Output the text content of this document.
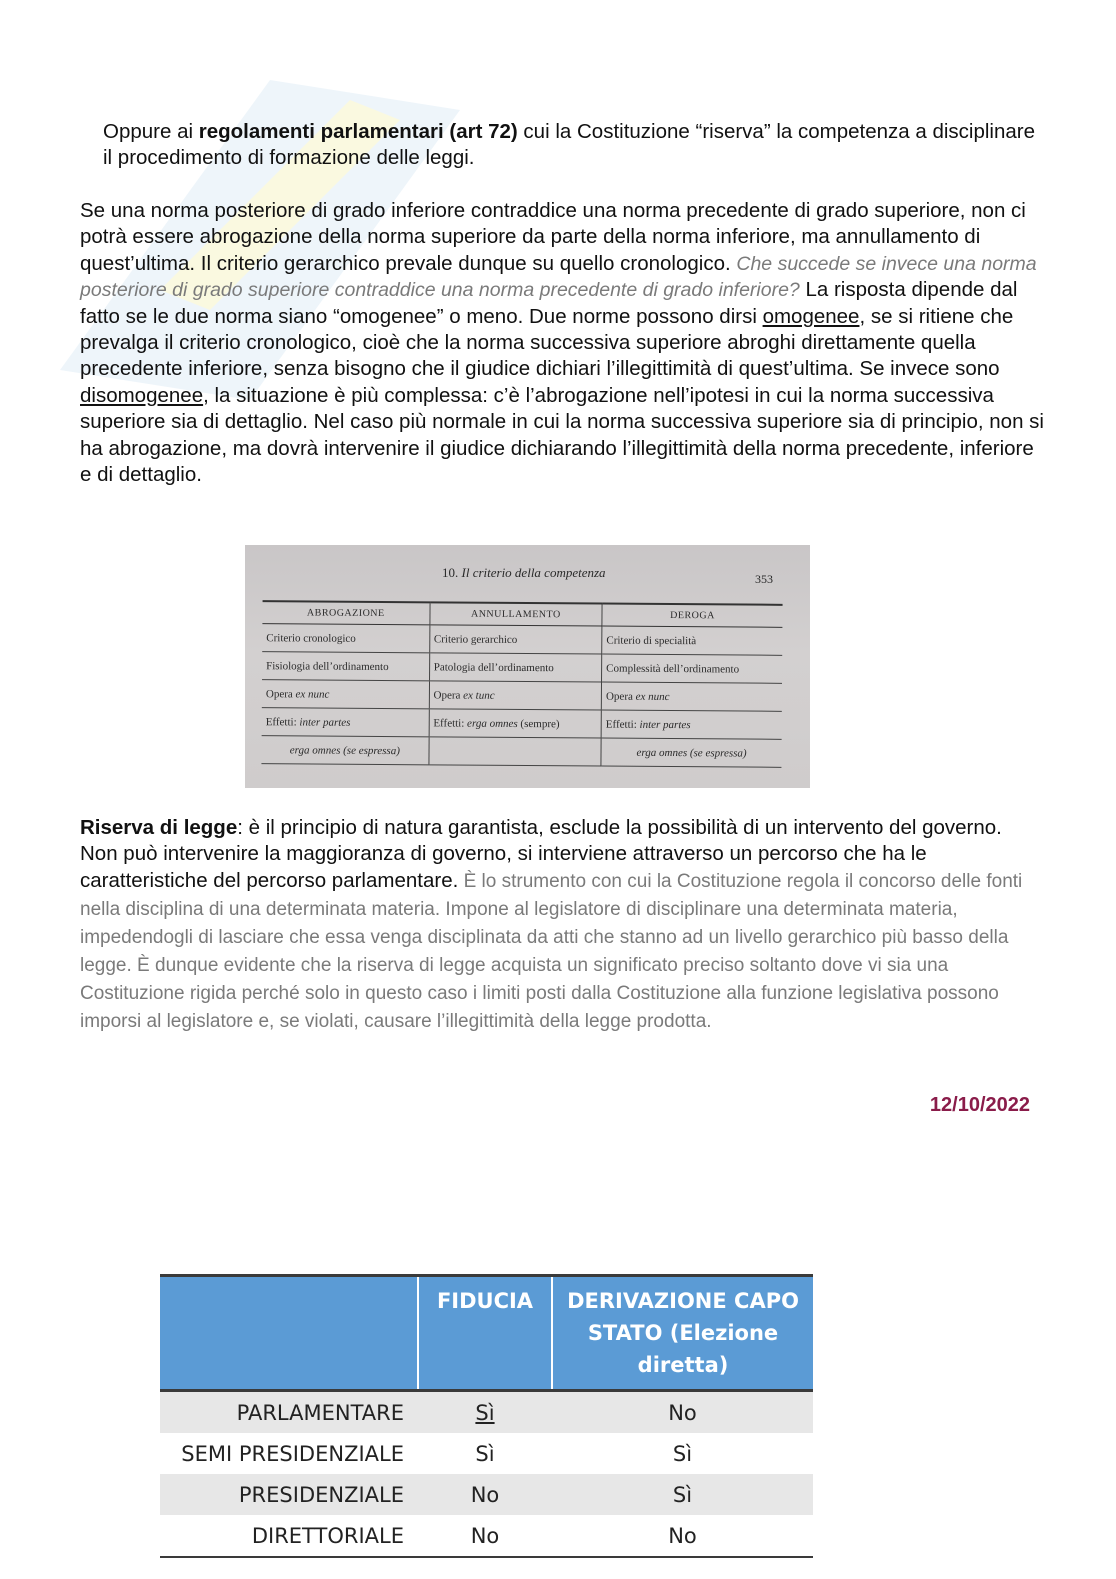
Oppure ai regolamenti parlamentari (art 72) cui la Costituzione “riserva” la competenza a disciplinare il procedimento di formazione delle leggi.
Se una norma posteriore di grado inferiore contraddice una norma precedente di grado superiore, non ci potrà essere abrogazione della norma superiore da parte della norma inferiore, ma annullamento di quest’ultima. Il criterio gerarchico prevale dunque su quello cronologico. Che succede se invece una norma posteriore di grado superiore contraddice una norma precedente di grado inferiore? La risposta dipende dal fatto se le due norma siano “omogenee” o meno. Due norme possono dirsi omogenee, se si ritiene che prevalga il criterio cronologico, cioè che la norma successiva superiore abroghi direttamente quella precedente inferiore, senza bisogno che il giudice dichiari l’illegittimità di quest’ultima. Se invece sono disomogenee, la situazione è più complessa: c’è l’abrogazione nell’ipotesi in cui la norma successiva superiore sia di dettaglio. Nel caso più normale in cui la norma successiva superiore sia di principio, non si ha abrogazione, ma dovrà intervenire il giudice dichiarando l’illegittimità della norma precedente, inferiore e di dettaglio.
10. Il criterio della competenza	353
ABROGAZIONE	ANNULLAMENTO	DEROGA
Criterio cronologico	Criterio gerarchico	Criterio di specialità
Fisiologia dell’ordinamento	Patologia dell’ordinamento	Complessità dell’ordinamento
Opera ex nunc	Opera ex tunc	Opera ex nunc
Effetti: inter partes	Effetti: erga omnes (sempre)	Effetti: inter partes
erga omnes (se espressa)		erga omnes (se espressa)
Riserva di legge: è il principio di natura garantista, esclude la possibilità di un intervento del governo. Non può intervenire la maggioranza di governo, si interviene attraverso un percorso che ha le caratteristiche del percorso parlamentare. È lo strumento con cui la Costituzione regola il concorso delle fonti nella disciplina di una determinata materia. Impone al legislatore di disciplinare una determinata materia, impedendogli di lasciare che essa venga disciplinata da atti che stanno ad un livello gerarchico più basso della legge. È dunque evidente che la riserva di legge acquista un significato preciso soltanto dove vi sia una Costituzione rigida perché solo in questo caso i limiti posti dalla Costituzione alla funzione legislativa possono imporsi al legislatore e, se violati, causare l’illegittimità della legge prodotta.
12/10/2022
	FIDUCIA	DERIVAZIONE CAPO STATO (Elezione diretta)
PARLAMENTARE	Sì	No
SEMI PRESIDENZIALE	Sì	Sì
PRESIDENZIALE	No	Sì
DIRETTORIALE	No	No
